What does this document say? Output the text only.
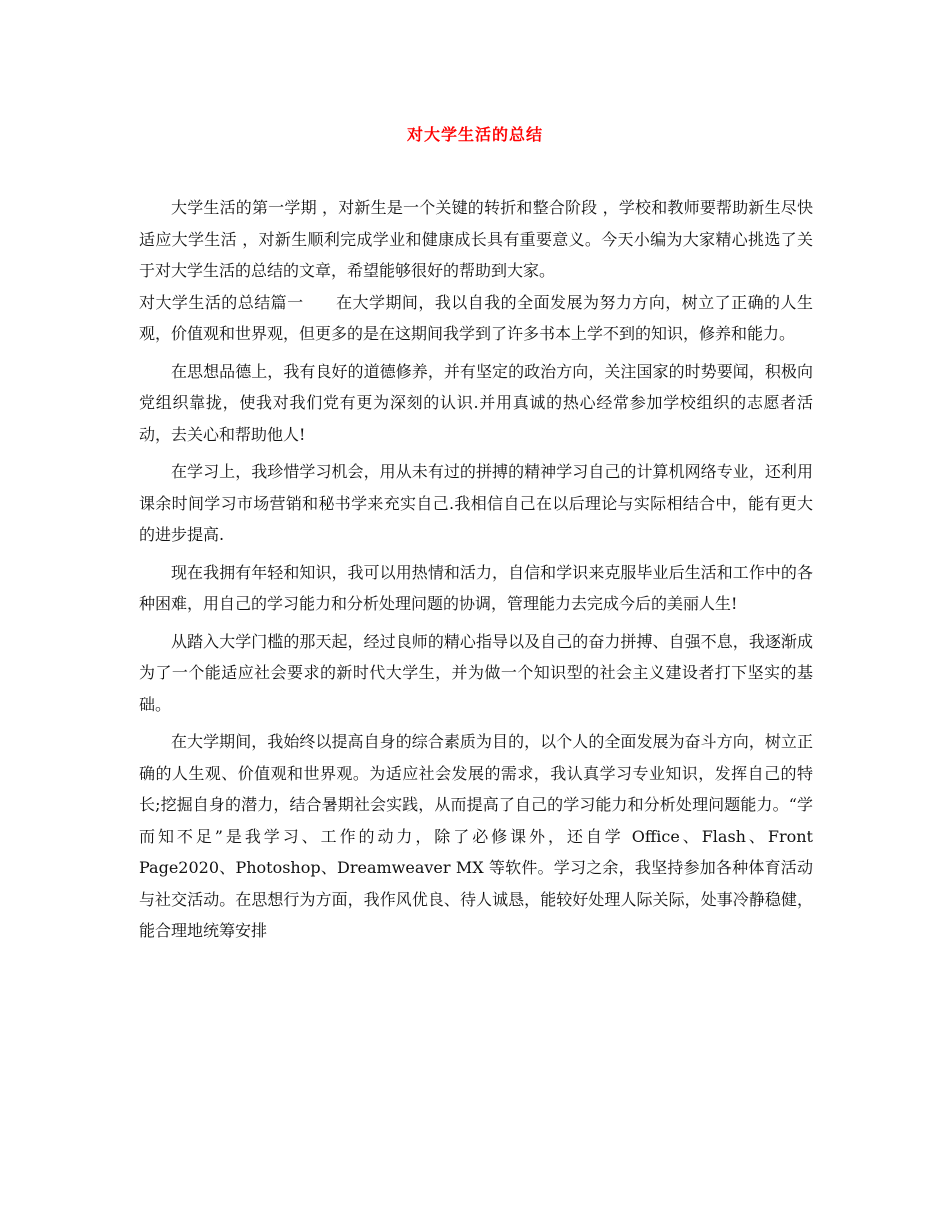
对大学生活的总结

大学生活的第一学期 ，对新生是一个关键的转折和整合阶段 ，学校和教师要帮助新生尽快适应大学生活 ，对新生顺利完成学业和健康成长具有重要意义。今天小编为大家精心挑选了关于对大学生活的总结的文章，希望能够很好的帮助到大家。

对大学生活的总结篇一 在大学期间，我以自我的全面发展为努力方向，树立了正确的人生观，价值观和世界观，但更多的是在这期间我学到了许多书本上学不到的知识，修养和能力。

在思想品德上，我有良好的道德修养，并有坚定的政治方向，关注国家的时势要闻，积极向党组织靠拢，使我对我们党有更为深刻的认识.并用真诚的热心经常参加学校组织的志愿者活动，去关心和帮助他人!

在学习上，我珍惜学习机会，用从未有过的拼搏的精神学习自己的计算机网络专业，还利用课余时间学习市场营销和秘书学来充实自己.我相信自己在以后理论与实际相结合中，能有更大的进步提高.

现在我拥有年轻和知识，我可以用热情和活力，自信和学识来克服毕业后生活和工作中的各种困难，用自己的学习能力和分析处理问题的协调，管理能力去完成今后的美丽人生!

从踏入大学门槛的那天起，经过良师的精心指导以及自己的奋力拼搏、自强不息，我逐渐成为了一个能适应社会要求的新时代大学生，并为做一个知识型的社会主义建设者打下坚实的基础。

在大学期间，我始终以提高自身的综合素质为目的，以个人的全面发展为奋斗方向，树立正确的人生观、价值观和世界观。为适应社会发展的需求，我认真学习专业知识，发挥自己的特长;挖掘自身的潜力，结合暑期社会实践，从而提高了自己的学习能力和分析处理问题能力。“学而知不足”是我学习、工作的动力，除了必修课外，还自学 Office、Flash、Front Page2020、Photoshop、Dreamweaver MX 等软件。学习之余，我坚持参加各种体育活动与社交活动。在思想行为方面，我作风优良、待人诚恳，能较好处理人际关际，处事冷静稳健，能合理地统筹安排
